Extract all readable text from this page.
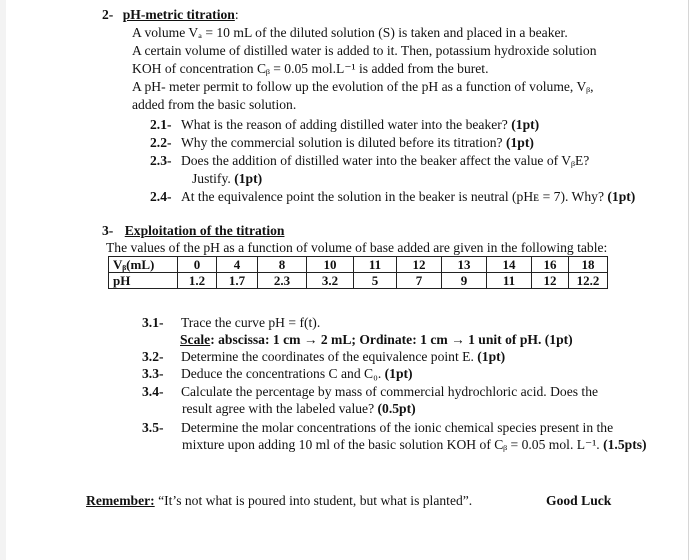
2- pH-metric titration:
A volume Vₐ = 10 mL of the diluted solution (S) is taken and placed in a beaker.
A certain volume of distilled water is added to it. Then, potassium hydroxide solution
KOH of concentration Cᵦ = 0.05 mol.L⁻¹ is added from the buret.
A pH- meter permit to follow up the evolution of the pH as a function of volume, Vᵦ,
added from the basic solution.
2.1- What is the reason of adding distilled water into the beaker? (1pt)
2.2- Why the commercial solution is diluted before its titration? (1pt)
2.3- Does the addition of distilled water into the beaker affect the value of VᵦE?
Justify. (1pt)
2.4- At the equivalence point the solution in the beaker is neutral (pHᴇ = 7). Why? (1pt)
3- Exploitation of the titration
The values of the pH as a function of volume of base added are given in the following table:
Vᵦ(mL)	0	4	8	10	11	12	13	14	16	18
pH	1.2	1.7	2.3	3.2	5	7	9	11	12	12.2
3.1- Trace the curve pH = f(t).
Scale: abscissa: 1 cm → 2 mL; Ordinate: 1 cm → 1 unit of pH. (1pt)
3.2- Determine the coordinates of the equivalence point E. (1pt)
3.3- Deduce the concentrations C and C₀. (1pt)
3.4- Calculate the percentage by mass of commercial hydrochloric acid. Does the
result agree with the labeled value? (0.5pt)
3.5- Determine the molar concentrations of the ionic chemical species present in the
mixture upon adding 10 ml of the basic solution KOH of Cᵦ = 0.05 mol. L⁻¹. (1.5pts)
Remember: “It’s not what is poured into student, but what is planted”.	Good Luck
